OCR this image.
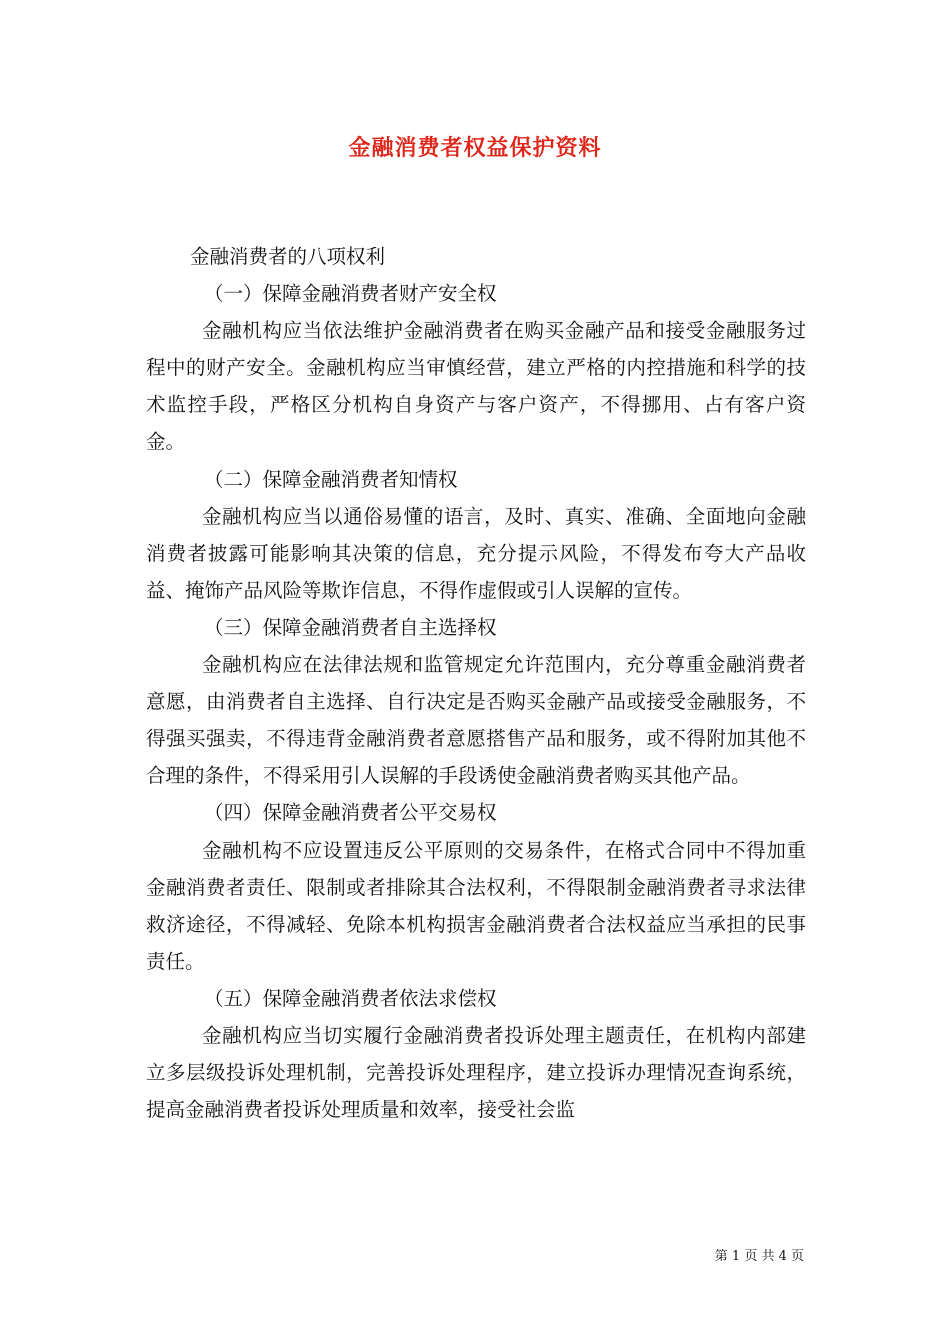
金融消费者权益保护资料

金融消费者的八项权利

（一）保障金融消费者财产安全权

金融机构应当依法维护金融消费者在购买金融产品和接受金融服务过程中的财产安全。金融机构应当审慎经营，建立严格的内控措施和科学的技术监控手段，严格区分机构自身资产与客户资产，不得挪用、占有客户资金。

（二）保障金融消费者知情权

金融机构应当以通俗易懂的语言，及时、真实、准确、全面地向金融消费者披露可能影响其决策的信息，充分提示风险，不得发布夸大产品收益、掩饰产品风险等欺诈信息，不得作虚假或引人误解的宣传。

（三）保障金融消费者自主选择权

金融机构应在法律法规和监管规定允许范围内，充分尊重金融消费者意愿，由消费者自主选择、自行决定是否购买金融产品或接受金融服务，不得强买强卖，不得违背金融消费者意愿搭售产品和服务，或不得附加其他不合理的条件，不得采用引人误解的手段诱使金融消费者购买其他产品。

（四）保障金融消费者公平交易权

金融机构不应设置违反公平原则的交易条件，在格式合同中不得加重金融消费者责任、限制或者排除其合法权利，不得限制金融消费者寻求法律救济途径，不得减轻、免除本机构损害金融消费者合法权益应当承担的民事责任。

（五）保障金融消费者依法求偿权

金融机构应当切实履行金融消费者投诉处理主题责任，在机构内部建立多层级投诉处理机制，完善投诉处理程序，建立投诉办理情况查询系统，提高金融消费者投诉处理质量和效率，接受社会监

第 1 页 共 4 页
